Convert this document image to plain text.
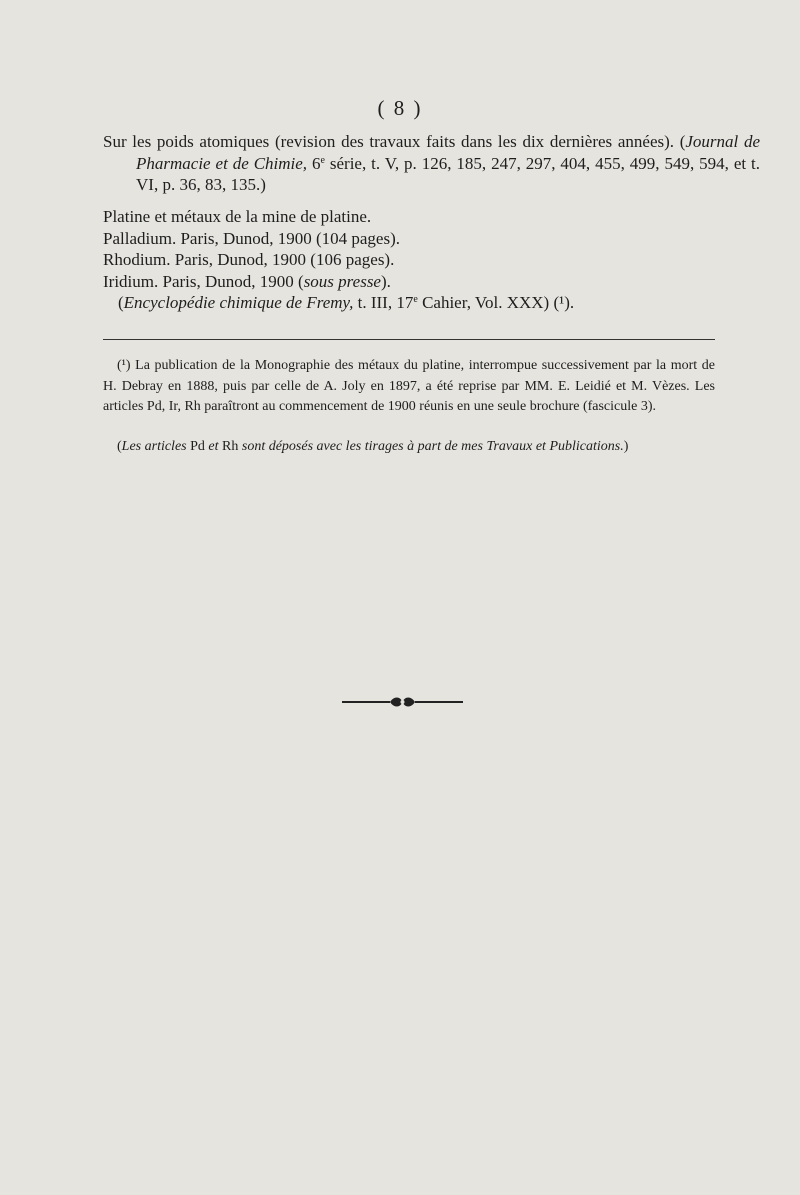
( 8 )
Sur les poids atomiques (revision des travaux faits dans les dix dernières années). (Journal de Pharmacie et de Chimie, 6e série, t. V, p. 126, 185, 247, 297, 404, 455, 499, 549, 594, et t. VI, p. 36, 83, 135.)
Platine et métaux de la mine de platine.
Palladium. Paris, Dunod, 1900 (104 pages).
Rhodium. Paris, Dunod, 1900 (106 pages).
Iridium. Paris, Dunod, 1900 (sous presse).
(Encyclopédie chimique de Fremy, t. III, 17e Cahier, Vol. XXX) (¹).
(¹) La publication de la Monographie des métaux du platine, interrompue successivement par la mort de H. Debray en 1888, puis par celle de A. Joly en 1897, a été reprise par MM. E. Leidié et M. Vèzes. Les articles Pd, Ir, Rh paraîtront au commencement de 1900 réunis en une seule brochure (fascicule 3).
(Les articles Pd et Rh sont déposés avec les tirages à part de mes Travaux et Publications.)
